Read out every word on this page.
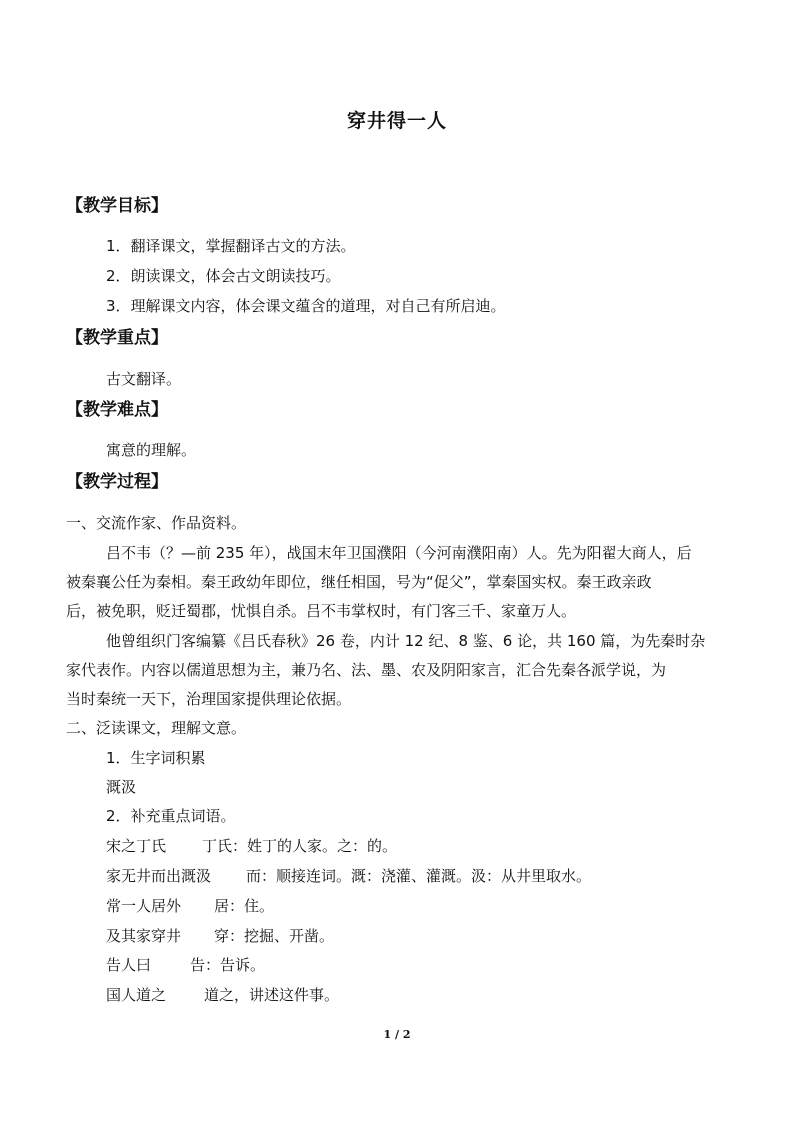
穿井得一人
【教学目标】
1．翻译课文，掌握翻译古文的方法。
2．朗读课文，体会古文朗读技巧。
3．理解课文内容，体会课文蕴含的道理，对自己有所启迪。
【教学重点】
古文翻译。
【教学难点】
寓意的理解。
【教学过程】
一、交流作家、作品资料。
吕不韦（？—前 235 年），战国末年卫国濮阳（今河南濮阳南）人。先为阳翟大商人，后
被秦襄公任为秦相。秦王政幼年即位，继任相国，号为“促父”，掌秦国实权。秦王政亲政
后，被免职，贬迁蜀郡，忧惧自杀。吕不韦掌权时，有门客三千、家童万人。
他曾组织门客编纂《吕氏春秋》26 卷，内计 12 纪、8 鉴、6 论，共 160 篇，为先秦时杂
家代表作。内容以儒道思想为主，兼乃名、法、墨、农及阴阳家言，汇合先秦各派学说，为
当时秦统一天下，治理国家提供理论依据。
二、泛读课文，理解文意。
1．生字词积累
溉汲
2．补充重点词语。
宋之丁氏 丁氏：姓丁的人家。之：的。
家无井而出溉汲 而：顺接连词。溉：浇灌、灌溉。汲：从井里取水。
常一人居外 居：住。
及其家穿井 穿：挖掘、开凿。
告人曰	告：告诉。
国人道之	道之，讲述这件事。
1 / 2
